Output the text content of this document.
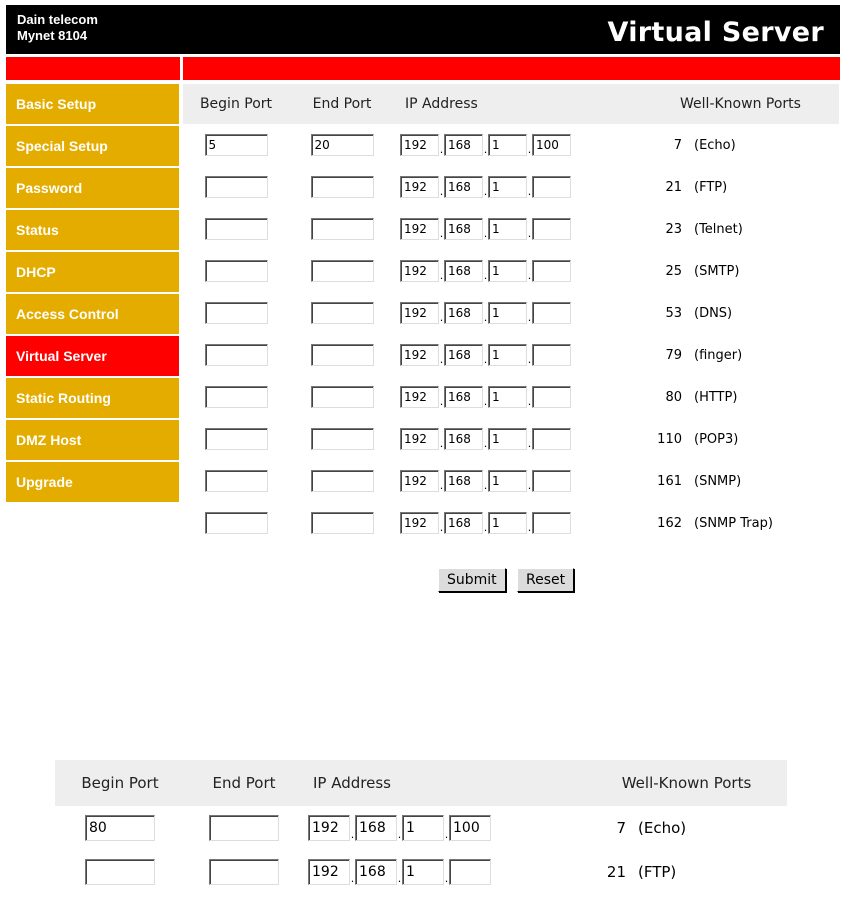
Dain telecom
Mynet 8104	Virtual Server
Basic Setup
Special Setup
Password
Status
DHCP
Access Control
Virtual Server
Static Routing
DMZ Host
Upgrade
Begin Port	End Port	IP Address	Well-Known Ports
5	20	192.168 .1 .100	7 (Echo)
		192.168 .1 .	21 (FTP)
		192.168 .1 .	23 (Telnet)
		192.168 .1 .	25 (SMTP)
		192.168 .1 .	53 (DNS)
		192.168 .1 .	79 (finger)
		192.168 .1 .	80 (HTTP)
		192.168 .1 .	110 (POP3)
		192.168 .1 .	161 (SNMP)
		192.168 .1 .	162 (SNMP Trap)
Submit	Reset
Begin Port	End Port	IP Address	Well-Known Ports
80		192.168 .1 .100	7 (Echo)
		192.168 .1 .	21 (FTP)
